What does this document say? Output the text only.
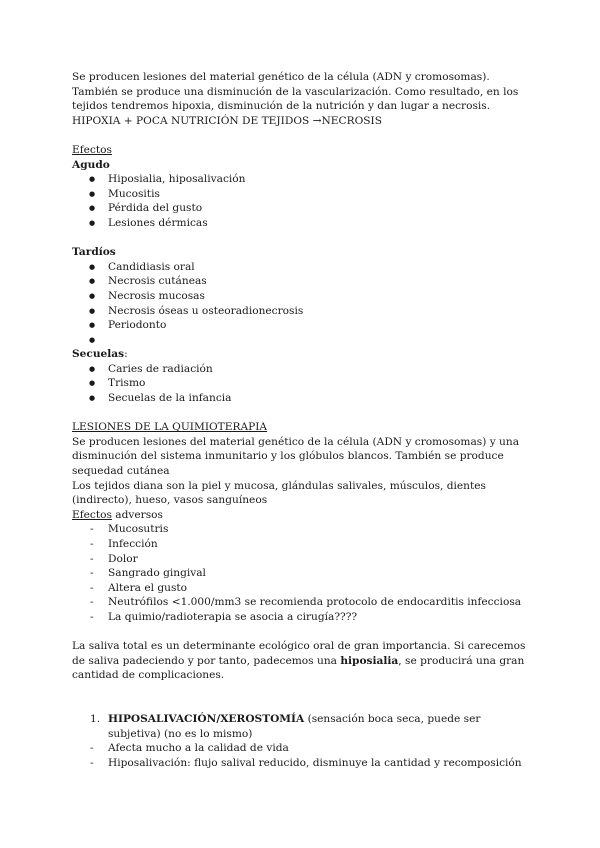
Se producen lesiones del material genético de la célula (ADN y cromosomas). También se produce una disminución de la vascularización. Como resultado, en los tejidos tendremos hipoxia, disminución de la nutrición y dan lugar a necrosis.

HIPOXIA + POCA NUTRICIÓN DE TEJIDOS →NECROSIS

Efectos

Agudo

● Hiposialia, hiposalivación
● Mucositis
● Pérdida del gusto
● Lesiones dérmicas

Tardíos

● Candidiasis oral
● Necrosis cutáneas
● Necrosis mucosas
● Necrosis óseas u osteoradionecrosis
● Periodonto
●

Secuelas:

● Caries de radiación
● Trismo
● Secuelas de la infancia

LESIONES DE LA QUIMIOTERAPIA

Se producen lesiones del material genético de la célula (ADN y cromosomas) y una disminución del sistema inmunitario y los glóbulos blancos. También se produce sequedad cutánea

Los tejidos diana son la piel y mucosa, glándulas salivales, músculos, dientes (indirecto), hueso, vasos sanguíneos

Efectos adversos

- Mucosutris
- Infección
- Dolor
- Sangrado gingival
- Altera el gusto
- Neutrófilos <1.000/mm3 se recomienda protocolo de endocarditis infecciosa
- La quimio/radioterapia se asocia a cirugía????

La saliva total es un determinante ecológico oral de gran importancia. Si carecemos de saliva padeciendo y por tanto, padecemos una hiposialia, se producirá una gran cantidad de complicaciones.

1. HIPOSALIVACIÓN/XEROSTOMÍA (sensación boca seca, puede ser subjetiva) (no es lo mismo)
- Afecta mucho a la calidad de vida
- Hiposalivación: flujo salival reducido, disminuye la cantidad y recomposición
